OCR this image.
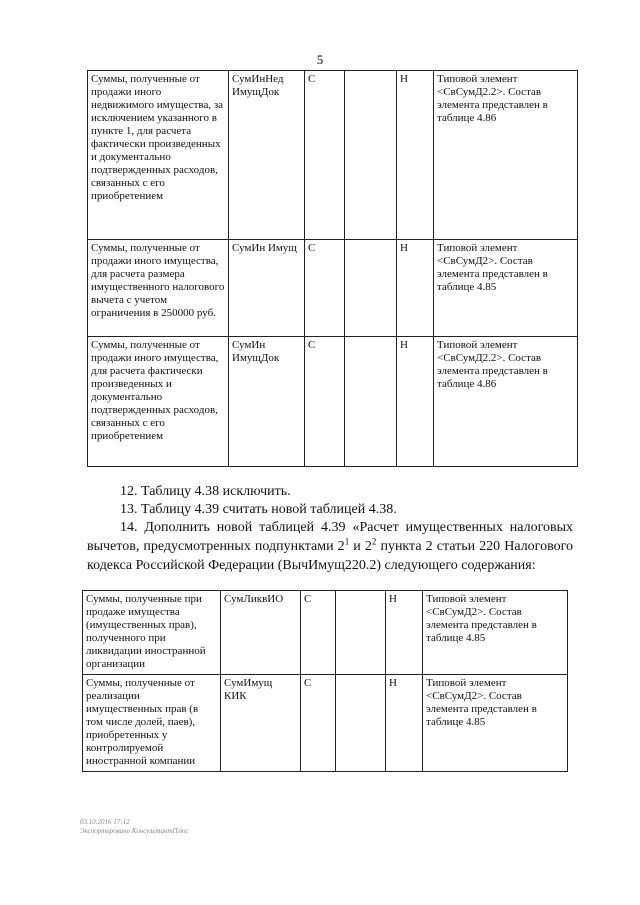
5
Суммы, полученные от продажи иного недвижимого имущества, за исключением указанного в пункте 1, для расчета фактически произведенных и документально подтвержденных расходов, связанных с его приобретением	СумИнНед ИмущДок	С		Н	Типовой элемент <СвСумД2.2>. Состав элемента представлен в таблице 4.86
Суммы, полученные от продажи иного имущества, для расчета размера имущественного налогового вычета с учетом ограничения в 250000 руб.	СумИн Имущ	С		Н	Типовой элемент <СвСумД2>. Состав элемента представлен в таблице 4.85
Суммы, полученные от продажи иного имущества, для расчета фактически произведенных и документально подтвержденных расходов, связанных с его приобретением	СумИн ИмущДок	С		Н	Типовой элемент <СвСумД2.2>. Состав элемента представлен в таблице 4.86

12. Таблицу 4.38 исключить.

13. Таблицу 4.39 считать новой таблицей 4.38.

14. Дополнить новой таблицей 4.39 «Расчет имущественных налоговых вычетов, предусмотренных подпунктами $2^1$ и $2^2$ пункта 2 статьи 220 Налогового кодекса Российской Федерации (ВычИмущ220.2) следующего содержания:

Суммы, полученные при продаже имущества (имущественных прав), полученного при ликвидации иностранной организации	СумЛиквИО	С		Н	Типовой элемент <СвСумД2>. Состав элемента представлен в таблице 4.85
Суммы, полученные от реализации имущественных прав (в том числе долей, паев), приобретенных у контролируемой иностранной компании	СумИмущ КИК	С		Н	Типовой элемент <СвСумД2>. Состав элемента представлен в таблице 4.85
03.10.2016 17:12
Экспортировано КонсультантПлюс
